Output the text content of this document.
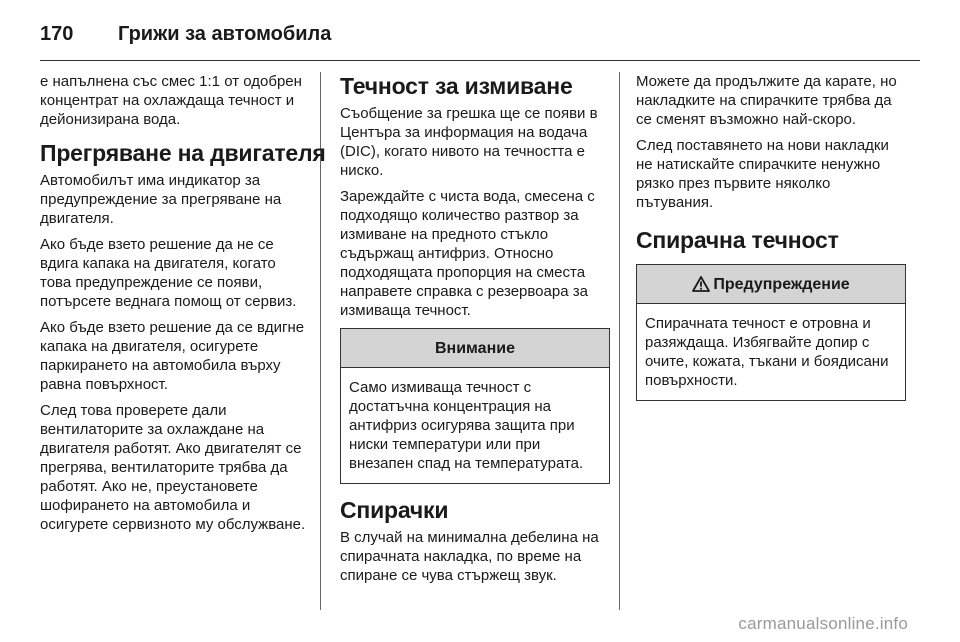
170	Грижи за автомобила

е напълнена със смес 1:1 от одобрен концентрат на охлаждаща течност и дейонизирана вода.

Прегряване на двигателя

Автомобилът има индикатор за предупреждение за прегряване на двигателя.

Ако бъде взето решение да не се вдига капака на двигателя, когато това предупреждение се появи, потърсете веднага помощ от сервиз.

Ако бъде взето решение да се вдигне капака на двигателя, осигурете паркирането на автомобила върху равна повърхност.

След това проверете дали вентилаторите за охлаждане на двигателя работят. Ако двигателят се прегрява, вентилаторите трябва да работят. Ако не, преустановете шофирането на автомобила и осигурете сервизното му обслужване.

Течност за измиване

Съобщение за грешка ще се появи в Центъра за информация на водача (DIC), когато нивото на течността е ниско.

Зареждайте с чиста вода, смесена с подходящо количество разтвор за измиване на предното стъкло съдържащ антифриз. Относно подходящата пропорция на сместа направете справка с резервоара за измиваща течност.

Внимание

Само измиваща течност с достатъчна концентрация на антифриз осигурява защита при ниски температури или при внезапен спад на температурата.

Спирачки

В случай на минимална дебелина на спирачната накладка, по време на спиране се чува стържещ звук.

Можете да продължите да карате, но накладките на спирачките трябва да се сменят възможно най-скоро.

След поставянето на нови накладки не натискайте спирачките ненужно рязко през първите няколко пътувания.

Спирачна течност
Предупреждение

Спирачната течност е отровна и разяждаща. Избягвайте допир с очите, кожата, тъкани и боядисани повърхности.

carmanualsonline.info
